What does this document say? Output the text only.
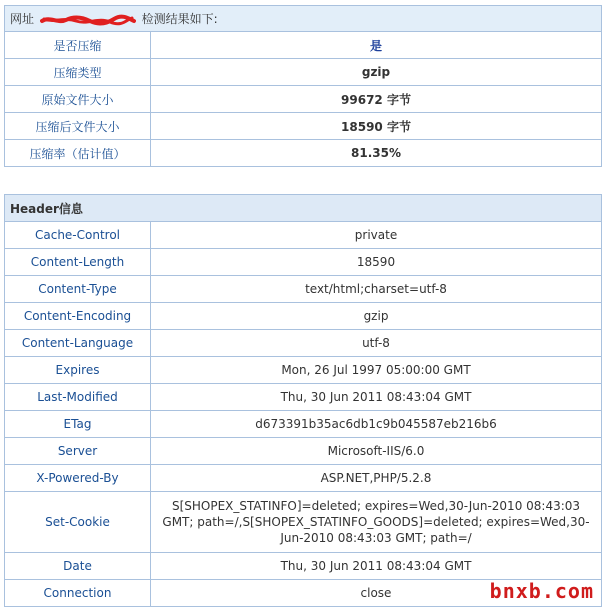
网址 检测结果如下:	
是否压缩	是
压缩类型	gzip
原始文件大小	99672 字节
压缩后文件大小	18590 字节
压缩率（估计值）	81.35%
Header信息	
Cache-Control	private
Content-Length	18590
Content-Type	text/html;charset=utf-8
Content-Encoding	gzip
Content-Language	utf-8
Expires	Mon, 26 Jul 1997 05:00:00 GMT
Last-Modified	Thu, 30 Jun 2011 08:43:04 GMT
ETag	d673391b35ac6db1c9b045587eb216b6
Server	Microsoft-IIS/6.0
X-Powered-By	ASP.NET,PHP/5.2.8
Set-Cookie	S[SHOPEX_STATINFO]=deleted; expires=Wed,30-Jun-2010 08:43:03 GMT; path=/,S[SHOPEX_STATINFO_GOODS]=deleted; expires=Wed,30-Jun-2010 08:43:03 GMT; path=/
Date	Thu, 30 Jun 2011 08:43:04 GMT
Connection	close	bnxb.com
